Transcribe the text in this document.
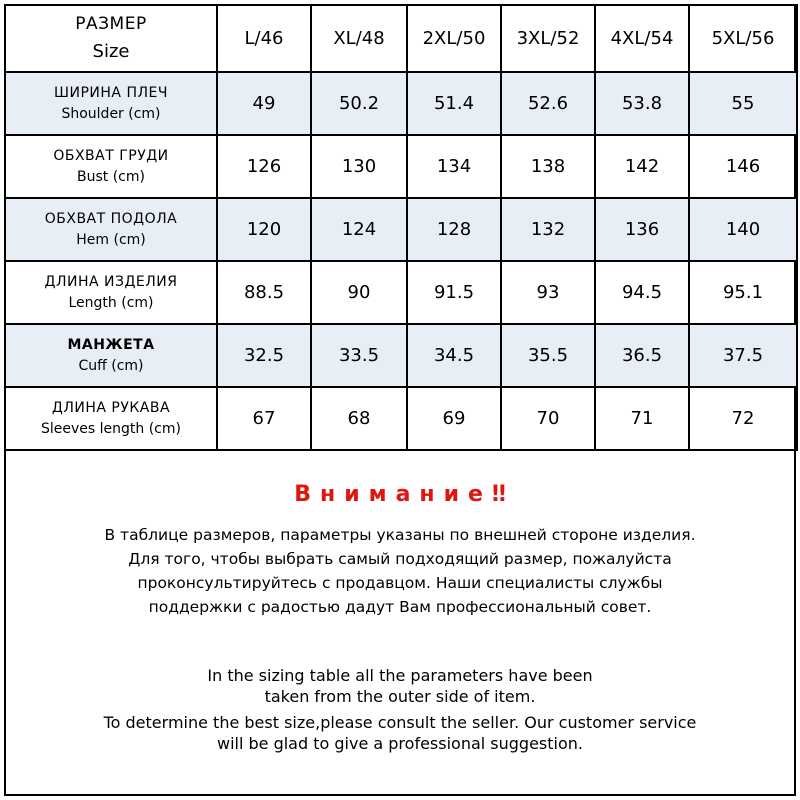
РАЗМЕР
Size	L/46	XL/48	2XL/50	3XL/52	4XL/54	5XL/56

ШИРИНА ПЛЕЧ
Shoulder (cm)	49	50.2	51.4	52.6	53.8	55

ОБХВАТ ГРУДИ
Bust (cm)	126	130	134	138	142	146

ОБХВАТ ПОДОЛА
Hem (cm)	120	124	128	132	136	140

ДЛИНА ИЗДЕЛИЯ
Length (cm)	88.5	90	91.5	93	94.5	95.1

МАНЖЕТА
Cuff (cm)	32.5	33.5	34.5	35.5	36.5	37.5

ДЛИНА РУКАВА
Sleeves length (cm)	67	68	69	70	71	72
Внимание‼

В таблице размеров, параметры указаны по внешней стороне изделия.

Для того, чтобы выбрать самый подходящий размер, пожалуйста

проконсультируйтесь с продавцом. Наши специалисты службы

поддержки с радостью дадут Вам профессиональный совет.

In the sizing table all the parameters have been

taken from the outer side of item.

To determine the best size,please consult the seller. Our customer service

will be glad to give a professional suggestion.
